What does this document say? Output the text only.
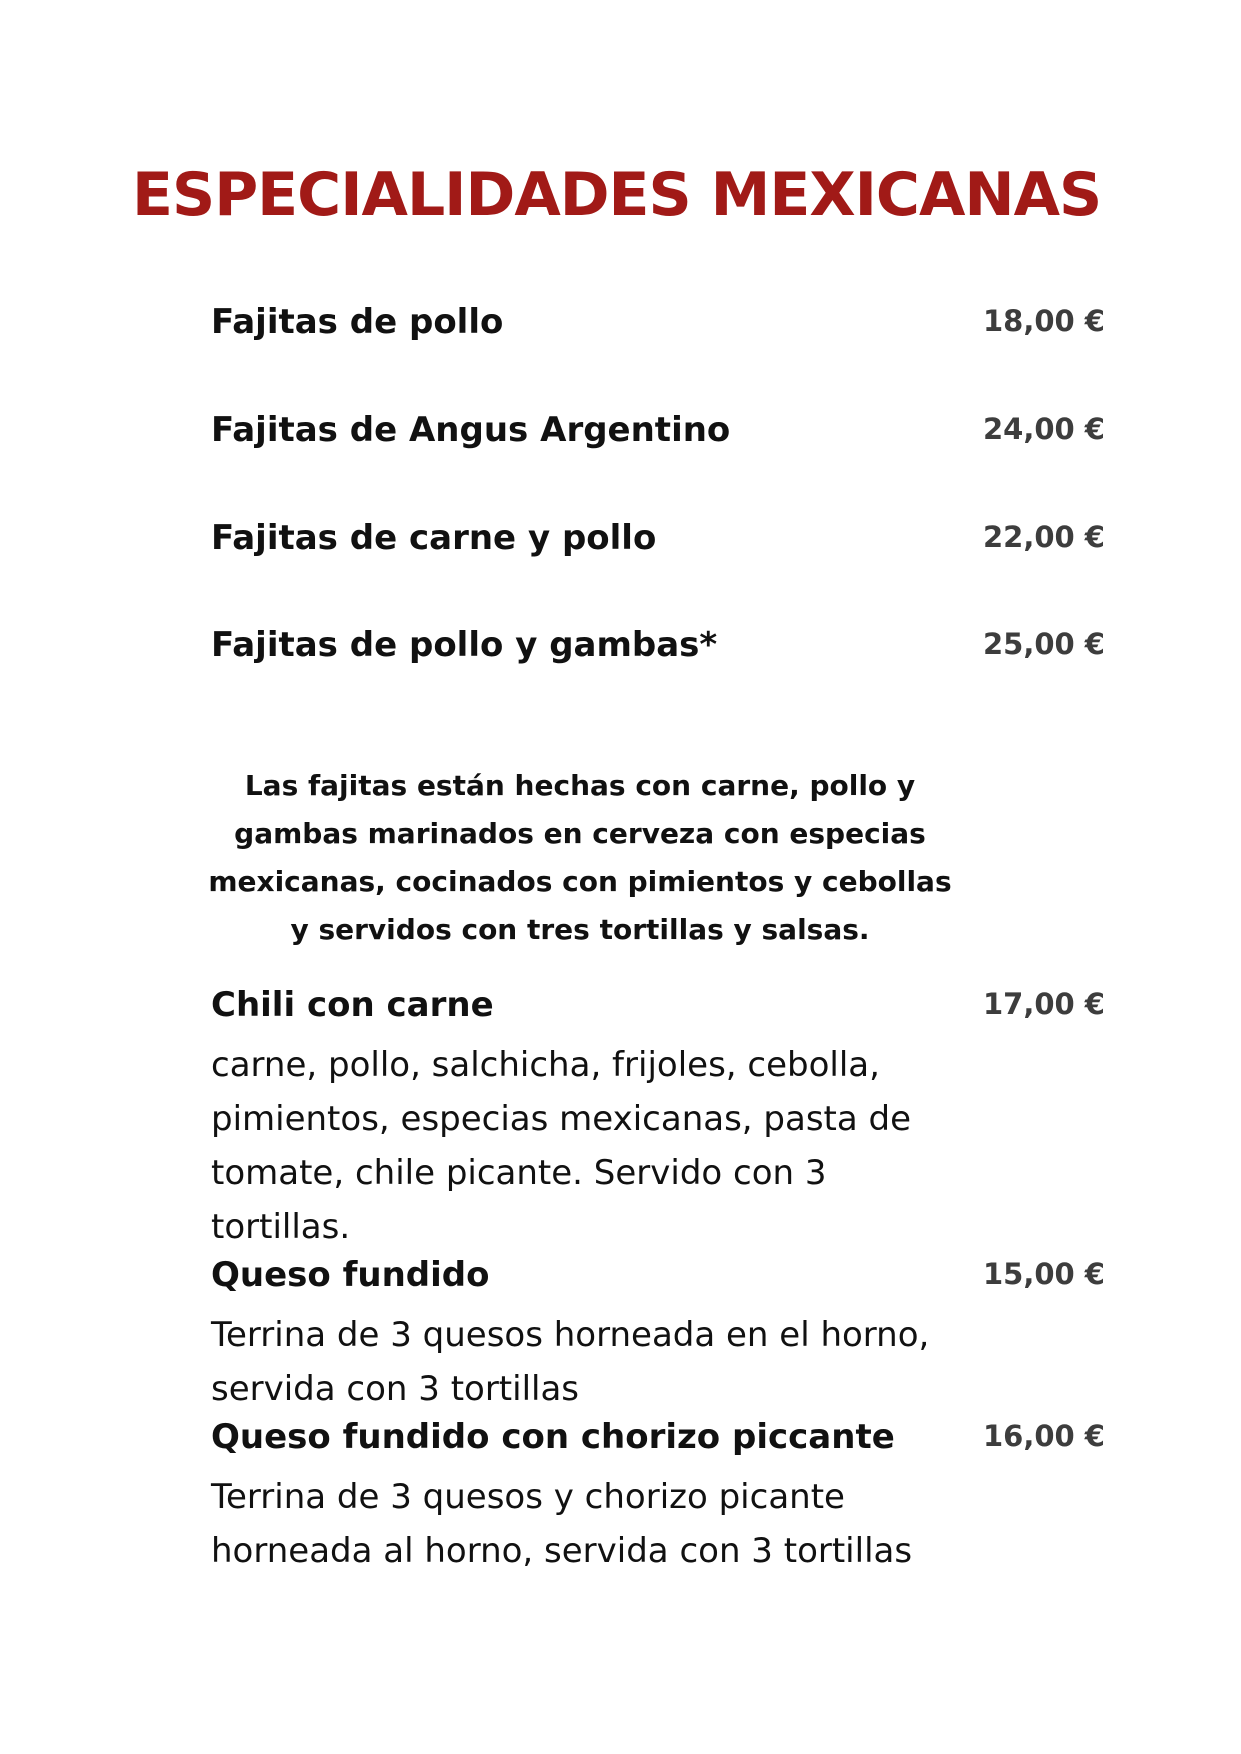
ESPECIALIDADES MEXICANAS
Fajitas de pollo	18,00 €
Fajitas de Angus Argentino	24,00 €
Fajitas de carne y pollo	22,00 €
Fajitas de pollo y gambas*	25,00 €

Las fajitas están hechas con carne, pollo y gambas marinados en cerveza con especias mexicanas, cocinados con pimientos y cebollas y servidos con tres tortillas y salsas.

Chili con carne	17,00 €
carne, pollo, salchicha, frijoles, cebolla, pimientos, especias mexicanas, pasta de tomate, chile picante. Servido con 3 tortillas.
Queso fundido	15,00 €
Terrina de 3 quesos horneada en el horno, servida con 3 tortillas
Queso fundido con chorizo piccante	16,00 €
Terrina de 3 quesos y chorizo picante horneada al horno, servida con 3 tortillas
